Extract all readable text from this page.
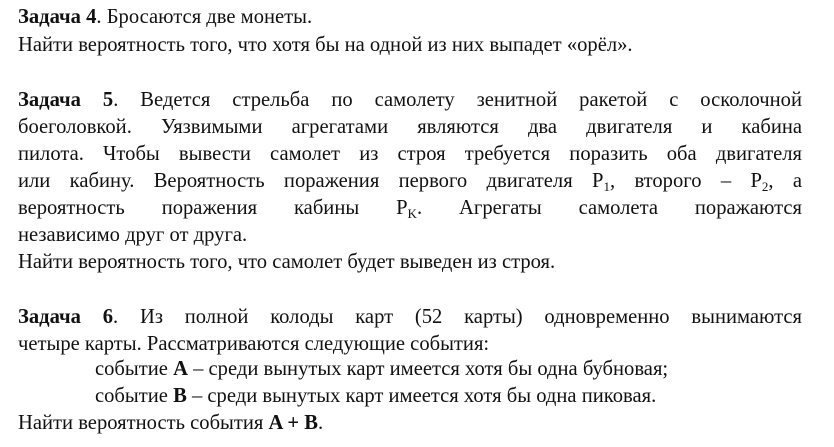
Задача 4. Бросаются две монеты.
Найти вероятность того, что хотя бы на одной из них выпадет «орёл».
Задача 5. Ведется стрельба по самолету зенитной ракетой с осколочной
боеголовкой. Уязвимыми агрегатами являются два двигателя и кабина
пилота. Чтобы вывести самолет из строя требуется поразить оба двигателя
или кабину. Вероятность поражения первого двигателя $P_1$, второго – $P_2$, а
вероятность поражения кабины $P_K$. Агрегаты самолета поражаются
независимо друг от друга.
Найти вероятность того, что самолет будет выведен из строя.
Задача 6. Из полной колоды карт (52 карты) одновременно вынимаются
четыре карты. Рассматриваются следующие события:
событие A – среди вынутых карт имеется хотя бы одна бубновая;
событие B – среди вынутых карт имеется хотя бы одна пиковая.
Найти вероятность события A + B.
